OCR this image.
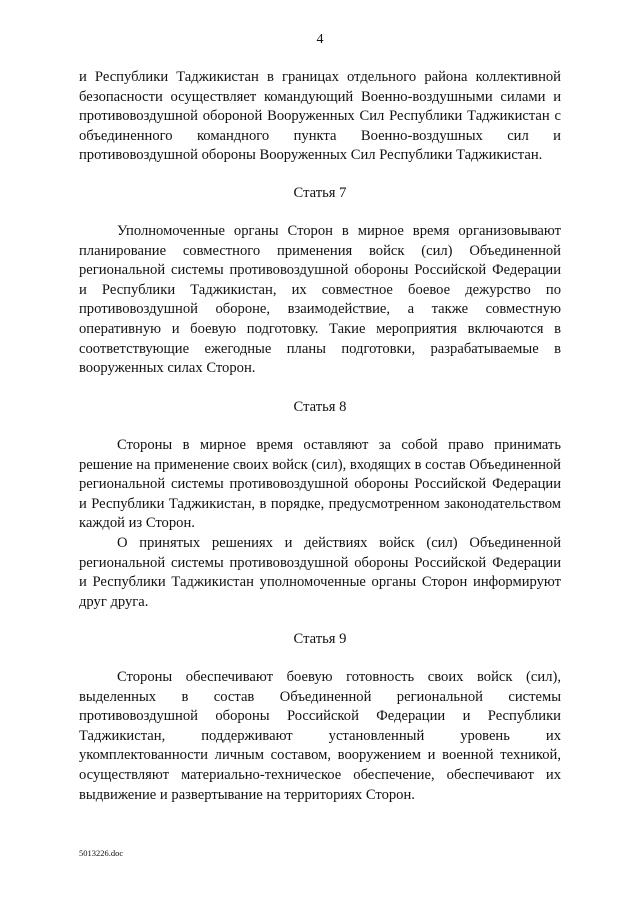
4

и Республики Таджикистан в границах отдельного района коллективной безопасности осуществляет командующий Военно-воздушными силами и противовоздушной обороной Вооруженных Сил Республики Таджикистан с объединенного командного пункта Военно-воздушных сил и противовоздушной обороны Вооруженных Сил Республики Таджикистан.

Статья 7

Уполномоченные органы Сторон в мирное время организовывают планирование совместного применения войск (сил) Объединенной региональной системы противовоздушной обороны Российской Федерации и Республики Таджикистан, их совместное боевое дежурство по противовоздушной обороне, взаимодействие, а также совместную оперативную и боевую подготовку. Такие мероприятия включаются в соответствующие ежегодные планы подготовки, разрабатываемые в вооруженных силах Сторон.

Статья 8

Стороны в мирное время оставляют за собой право принимать решение на применение своих войск (сил), входящих в состав Объединенной региональной системы противовоздушной обороны Российской Федерации и Республики Таджикистан, в порядке, предусмотренном законодательством каждой из Сторон.

О принятых решениях и действиях войск (сил) Объединенной региональной системы противовоздушной обороны Российской Федерации и Республики Таджикистан уполномоченные органы Сторон информируют друг друга.

Статья 9

Стороны обеспечивают боевую готовность своих войск (сил), выделенных в состав Объединенной региональной системы противовоздушной обороны Российской Федерации и Республики Таджикистан, поддерживают установленный уровень их укомплектованности личным составом, вооружением и военной техникой, осуществляют материально-техническое обеспечение, обеспечивают их выдвижение и развертывание на территориях Сторон.

5013226.doc
